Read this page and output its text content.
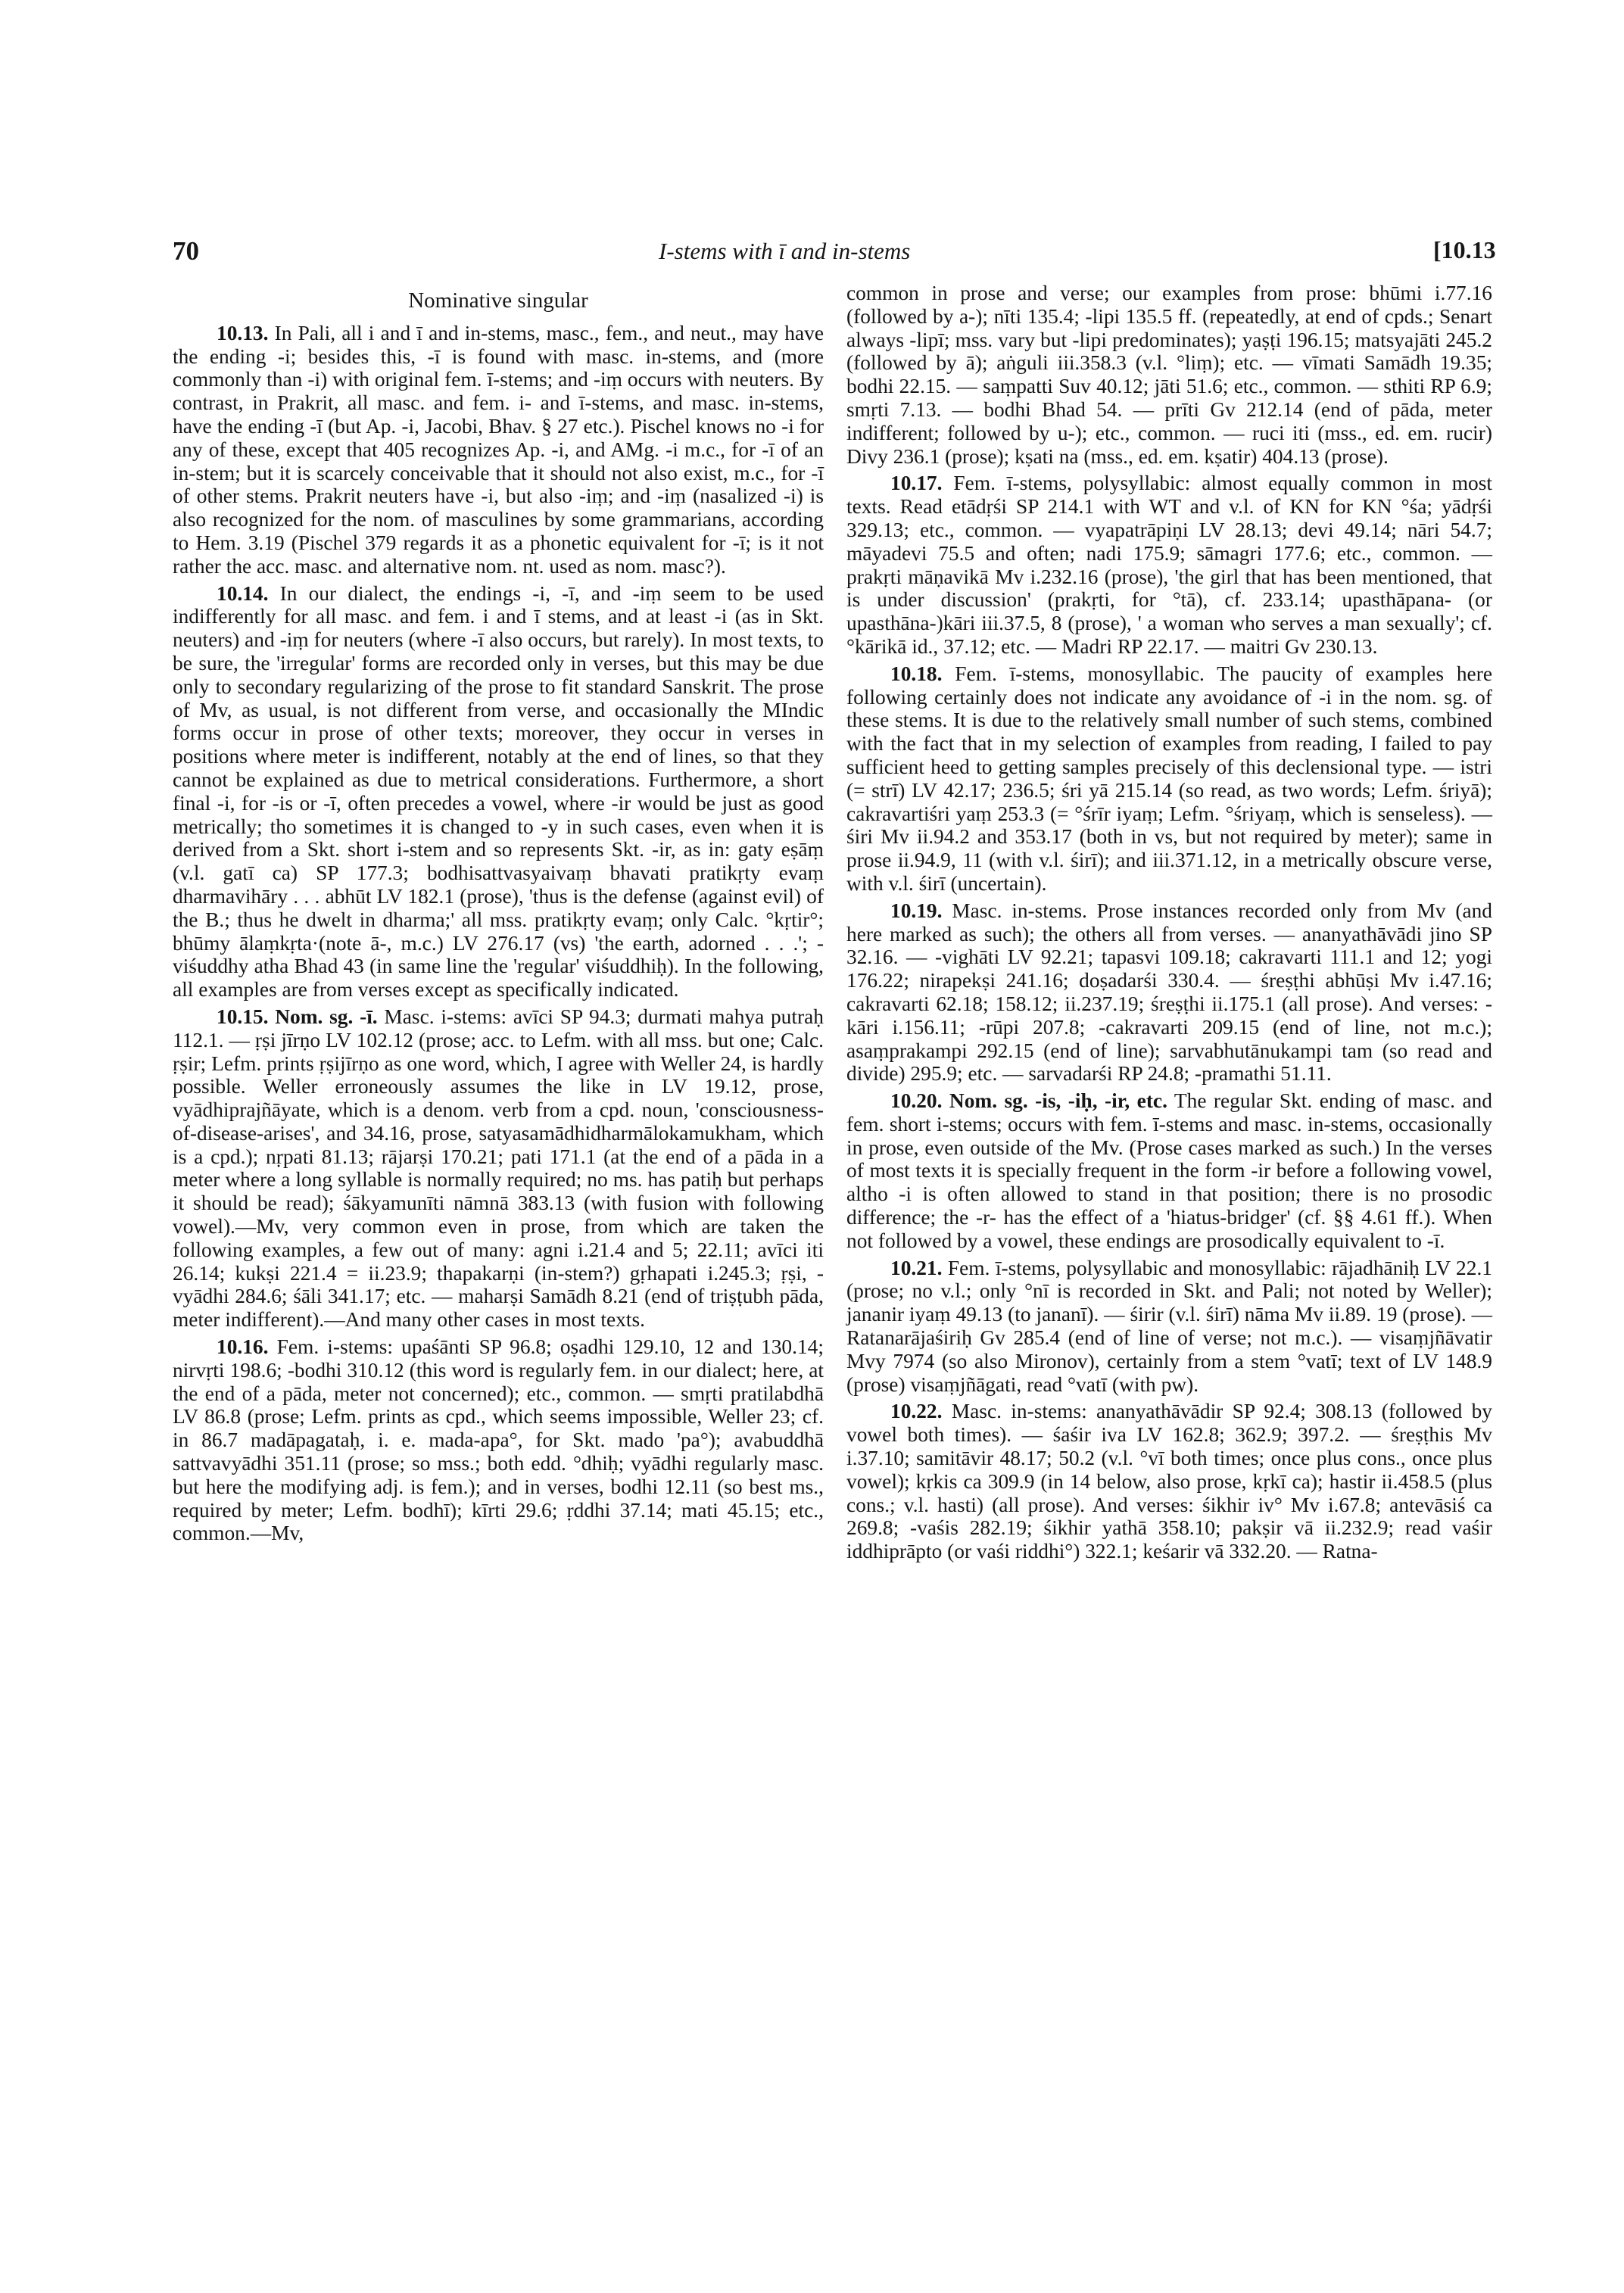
70	I-stems with ī and in-stems	[10.13
Nominative singular

10.13. In Pali, all i and ī and in-stems, masc., fem., and neut., may have the ending -i; besides this, -ī is found with masc. in-stems, and (more commonly than -i) with original fem. ī-stems; and -iṃ occurs with neuters. By contrast, in Prakrit, all masc. and fem. i- and ī-stems, and masc. in-stems, have the ending -ī (but Ap. -i, Jacobi, Bhav. § 27 etc.). Pischel knows no -i for any of these, except that 405 recognizes Ap. -i, and AMg. -i m.c., for -ī of an in-stem; but it is scarcely conceivable that it should not also exist, m.c., for -ī of other stems. Prakrit neuters have -i, but also -iṃ; and -iṃ (nasalized -i) is also recognized for the nom. of masculines by some grammarians, according to Hem. 3.19 (Pischel 379 regards it as a phonetic equivalent for -ī; is it not rather the acc. masc. and alternative nom. nt. used as nom. masc?).

10.14. In our dialect, the endings -i, -ī, and -iṃ seem to be used indifferently for all masc. and fem. i and ī stems, and at least -i (as in Skt. neuters) and -iṃ for neuters (where -ī also occurs, but rarely). In most texts, to be sure, the 'irregular' forms are recorded only in verses, but this may be due only to secondary regularizing of the prose to fit standard Sanskrit. The prose of Mv, as usual, is not different from verse, and occasionally the MIndic forms occur in prose of other texts; moreover, they occur in verses in positions where meter is indifferent, notably at the end of lines, so that they cannot be explained as due to metrical considerations. Furthermore, a short final -i, for -is or -ī, often precedes a vowel, where -ir would be just as good metrically; tho sometimes it is changed to -y in such cases, even when it is derived from a Skt. short i-stem and so represents Skt. -ir, as in: gaty eṣāṃ (v.l. gatī ca) SP 177.3; bodhisattvasyaivaṃ bhavati pratikṛty evaṃ dharmavihāry . . . abhūt LV 182.1 (prose), 'thus is the defense (against evil) of the B.; thus he dwelt in dharma;' all mss. pratikṛty evaṃ; only Calc. °kṛtir°; bhūmy ālaṃkṛta·(note ā-, m.c.) LV 276.17 (vs) 'the earth, adorned . . .'; -viśuddhy atha Bhad 43 (in same line the 'regular' viśuddhiḥ). In the following, all examples are from verses except as specifically indicated.

10.15. Nom. sg. -ī. Masc. i-stems: avīci SP 94.3; durmati mahya putraḥ 112.1. — ṛṣi jīrṇo LV 102.12 (prose; acc. to Lefm. with all mss. but one; Calc. ṛṣir; Lefm. prints ṛṣijīrṇo as one word, which, I agree with Weller 24, is hardly possible. Weller erroneously assumes the like in LV 19.12, prose, vyādhiprajñāyate, which is a denom. verb from a cpd. noun, 'consciousness-of-disease-arises', and 34.16, prose, satyasamādhidharmālokamukham, which is a cpd.); nṛpati 81.13; rājarṣi 170.21; pati 171.1 (at the end of a pāda in a meter where a long syllable is normally required; no ms. has patiḥ but perhaps it should be read); śākyamunīti nāmnā 383.13 (with fusion with following vowel).—Mv, very common even in prose, from which are taken the following examples, a few out of many: agni i.21.4 and 5; 22.11; avīci iti 26.14; kukṣi 221.4 = ii.23.9; thapakarṇi (in-stem?) gṛhapati i.245.3; ṛṣi, -vyādhi 284.6; śāli 341.17; etc. — maharṣi Samādh 8.21 (end of triṣṭubh pāda, meter indifferent).—And many other cases in most texts.

10.16. Fem. i-stems: upaśānti SP 96.8; oṣadhi 129.10, 12 and 130.14; nirvṛti 198.6; -bodhi 310.12 (this word is regularly fem. in our dialect; here, at the end of a pāda, meter not concerned); etc., common. — smṛti pratilabdhā LV 86.8 (prose; Lefm. prints as cpd., which seems impossible, Weller 23; cf. in 86.7 madāpagataḥ, i. e. mada-apa°, for Skt. mado 'pa°); avabuddhā sattvavyādhi 351.11 (prose; so mss.; both edd. °dhiḥ; vyādhi regularly masc. but here the modifying adj. is fem.); and in verses, bodhi 12.11 (so best ms., required by meter; Lefm. bodhī); kīrti 29.6; ṛddhi 37.14; mati 45.15; etc., common.—Mv,

common in prose and verse; our examples from prose: bhūmi i.77.16 (followed by a-); nīti 135.4; -lipi 135.5 ff. (repeatedly, at end of cpds.; Senart always -lipī; mss. vary but -lipi predominates); yaṣṭi 196.15; matsyajāti 245.2 (followed by ā); aṅguli iii.358.3 (v.l. °liṃ); etc. — vīmati Samādh 19.35; bodhi 22.15. — saṃpatti Suv 40.12; jāti 51.6; etc., common. — sthiti RP 6.9; smṛti 7.13. — bodhi Bhad 54. — prīti Gv 212.14 (end of pāda, meter indifferent; followed by u-); etc., common. — ruci iti (mss., ed. em. rucir) Divy 236.1 (prose); kṣati na (mss., ed. em. kṣatir) 404.13 (prose).

10.17. Fem. ī-stems, polysyllabic: almost equally common in most texts. Read etādṛśi SP 214.1 with WT and v.l. of KN for KN °śa; yādṛśi 329.13; etc., common. — vyapatrāpiṇi LV 28.13; devi 49.14; nāri 54.7; māyadevi 75.5 and often; nadi 175.9; sāmagri 177.6; etc., common. — prakṛti māṇavikā Mv i.232.16 (prose), 'the girl that has been mentioned, that is under discussion' (prakṛti, for °tā), cf. 233.14; upasthāpana- (or upasthāna-)kāri iii.37.5, 8 (prose), ' a woman who serves a man sexually'; cf. °kārikā id., 37.12; etc. — Madri RP 22.17. — maitri Gv 230.13.

10.18. Fem. ī-stems, monosyllabic. The paucity of examples here following certainly does not indicate any avoidance of -i in the nom. sg. of these stems. It is due to the relatively small number of such stems, combined with the fact that in my selection of examples from reading, I failed to pay sufficient heed to getting samples precisely of this declensional type. — istri (= strī) LV 42.17; 236.5; śri yā 215.14 (so read, as two words; Lefm. śriyā); cakravartiśri yaṃ 253.3 (= °śrīr iyaṃ; Lefm. °śriyaṃ, which is senseless). — śiri Mv ii.94.2 and 353.17 (both in vs, but not required by meter); same in prose ii.94.9, 11 (with v.l. śirī); and iii.371.12, in a metrically obscure verse, with v.l. śirī (uncertain).

10.19. Masc. in-stems. Prose instances recorded only from Mv (and here marked as such); the others all from verses. — ananyathāvādi jino SP 32.16. — -vighāti LV 92.21; tapasvi 109.18; cakravarti 111.1 and 12; yogi 176.22; nirapekṣi 241.16; doṣadarśi 330.4. — śreṣṭhi abhūṣi Mv i.47.16; cakravarti 62.18; 158.12; ii.237.19; śreṣṭhi ii.175.1 (all prose). And verses: -kāri i.156.11; -rūpi 207.8; -cakravarti 209.15 (end of line, not m.c.); asaṃprakampi 292.15 (end of line); sarvabhutānukampi tam (so read and divide) 295.9; etc. — sarvadarśi RP 24.8; -pramathi 51.11.

10.20. Nom. sg. -is, -iḥ, -ir, etc. The regular Skt. ending of masc. and fem. short i-stems; occurs with fem. ī-stems and masc. in-stems, occasionally in prose, even outside of the Mv. (Prose cases marked as such.) In the verses of most texts it is specially frequent in the form -ir before a following vowel, altho -i is often allowed to stand in that position; there is no prosodic difference; the -r- has the effect of a 'hiatus-bridger' (cf. §§ 4.61 ff.). When not followed by a vowel, these endings are prosodically equivalent to -ī.

10.21. Fem. ī-stems, polysyllabic and monosyllabic: rājadhāniḥ LV 22.1 (prose; no v.l.; only °nī is recorded in Skt. and Pali; not noted by Weller); jananir iyaṃ 49.13 (to jananī). — śirir (v.l. śirī) nāma Mv ii.89. 19 (prose). — Ratanarājaśiriḥ Gv 285.4 (end of line of verse; not m.c.). — visaṃjñāvatir Mvy 7974 (so also Mironov), certainly from a stem °vatī; text of LV 148.9 (prose) visaṃjñāgati, read °vatī (with pw).

10.22. Masc. in-stems: ananyathāvādir SP 92.4; 308.13 (followed by vowel both times). — śaśir iva LV 162.8; 362.9; 397.2. — śreṣṭhis Mv i.37.10; samitāvir 48.17; 50.2 (v.l. °vī both times; once plus cons., once plus vowel); kṛkis ca 309.9 (in 14 below, also prose, kṛkī ca); hastir ii.458.5 (plus cons.; v.l. hasti) (all prose). And verses: śikhir iv° Mv i.67.8; antevāsiś ca 269.8; -vaśis 282.19; śikhir yathā 358.10; pakṣir vā ii.232.9; read vaśir iddhiprāpto (or vaśi riddhi°) 322.1; keśarir vā 332.20. — Ratna-
